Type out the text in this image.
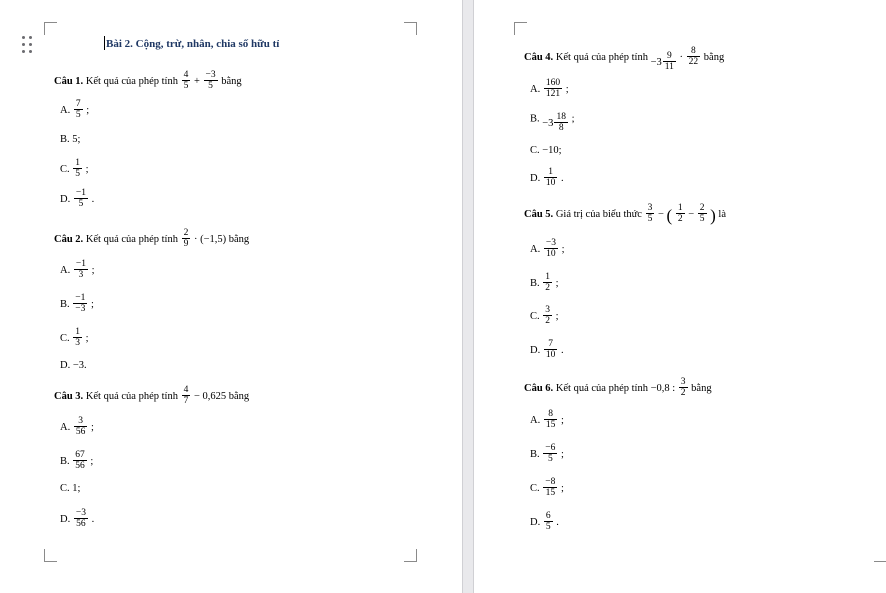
Bài 2. Cộng, trừ, nhân, chia số hữu tỉ
Câu 1. Kết quả của phép tính $\frac{4}{5} + \frac{-3}{5}$ bằng
A. $\frac{7}{5}$ ;
B. 5;
C. $\frac{1}{5}$ ;
D. $\frac{-1}{5}$ .
Câu 2. Kết quả của phép tính $\frac{2}{9} \cdot (-1,5)$ bằng
A. $\frac{-1}{3}$ ;
B. $\frac{-1}{-3}$ ;
C. $\frac{1}{3}$ ;
D. −3.
Câu 3. Kết quả của phép tính $\frac{4}{7} - 0,625$ bằng
A. $\frac{3}{56}$ ;
B. $\frac{67}{56}$ ;
C. 1;
D. $\frac{-3}{56}$ .
Câu 4. Kết quả của phép tính $-3 \frac{9}{11} \cdot \frac{8}{22}$ bằng
A. $\frac{160}{121}$ ;
B. $-3 \frac{18}{8}$ ;
C. −10;
D. $\frac{1}{10}$ .
Câu 5. Giá trị của biểu thức $\frac{3}{5}$ − ( $\frac{1}{2} - \frac{2}{5}$ ) là
A. $\frac{-3}{10}$ ;
B. $\frac{1}{2}$ ;
C. $\frac{3}{2}$ ;
D. $\frac{7}{10}$ .
Câu 6. Kết quả của phép tính −0,8 : $\frac{3}{2}$ bằng
A. $\frac{8}{15}$ ;
B. $\frac{-6}{5}$ ;
C. $\frac{-8}{15}$ ;
D. $\frac{6}{5}$ .
